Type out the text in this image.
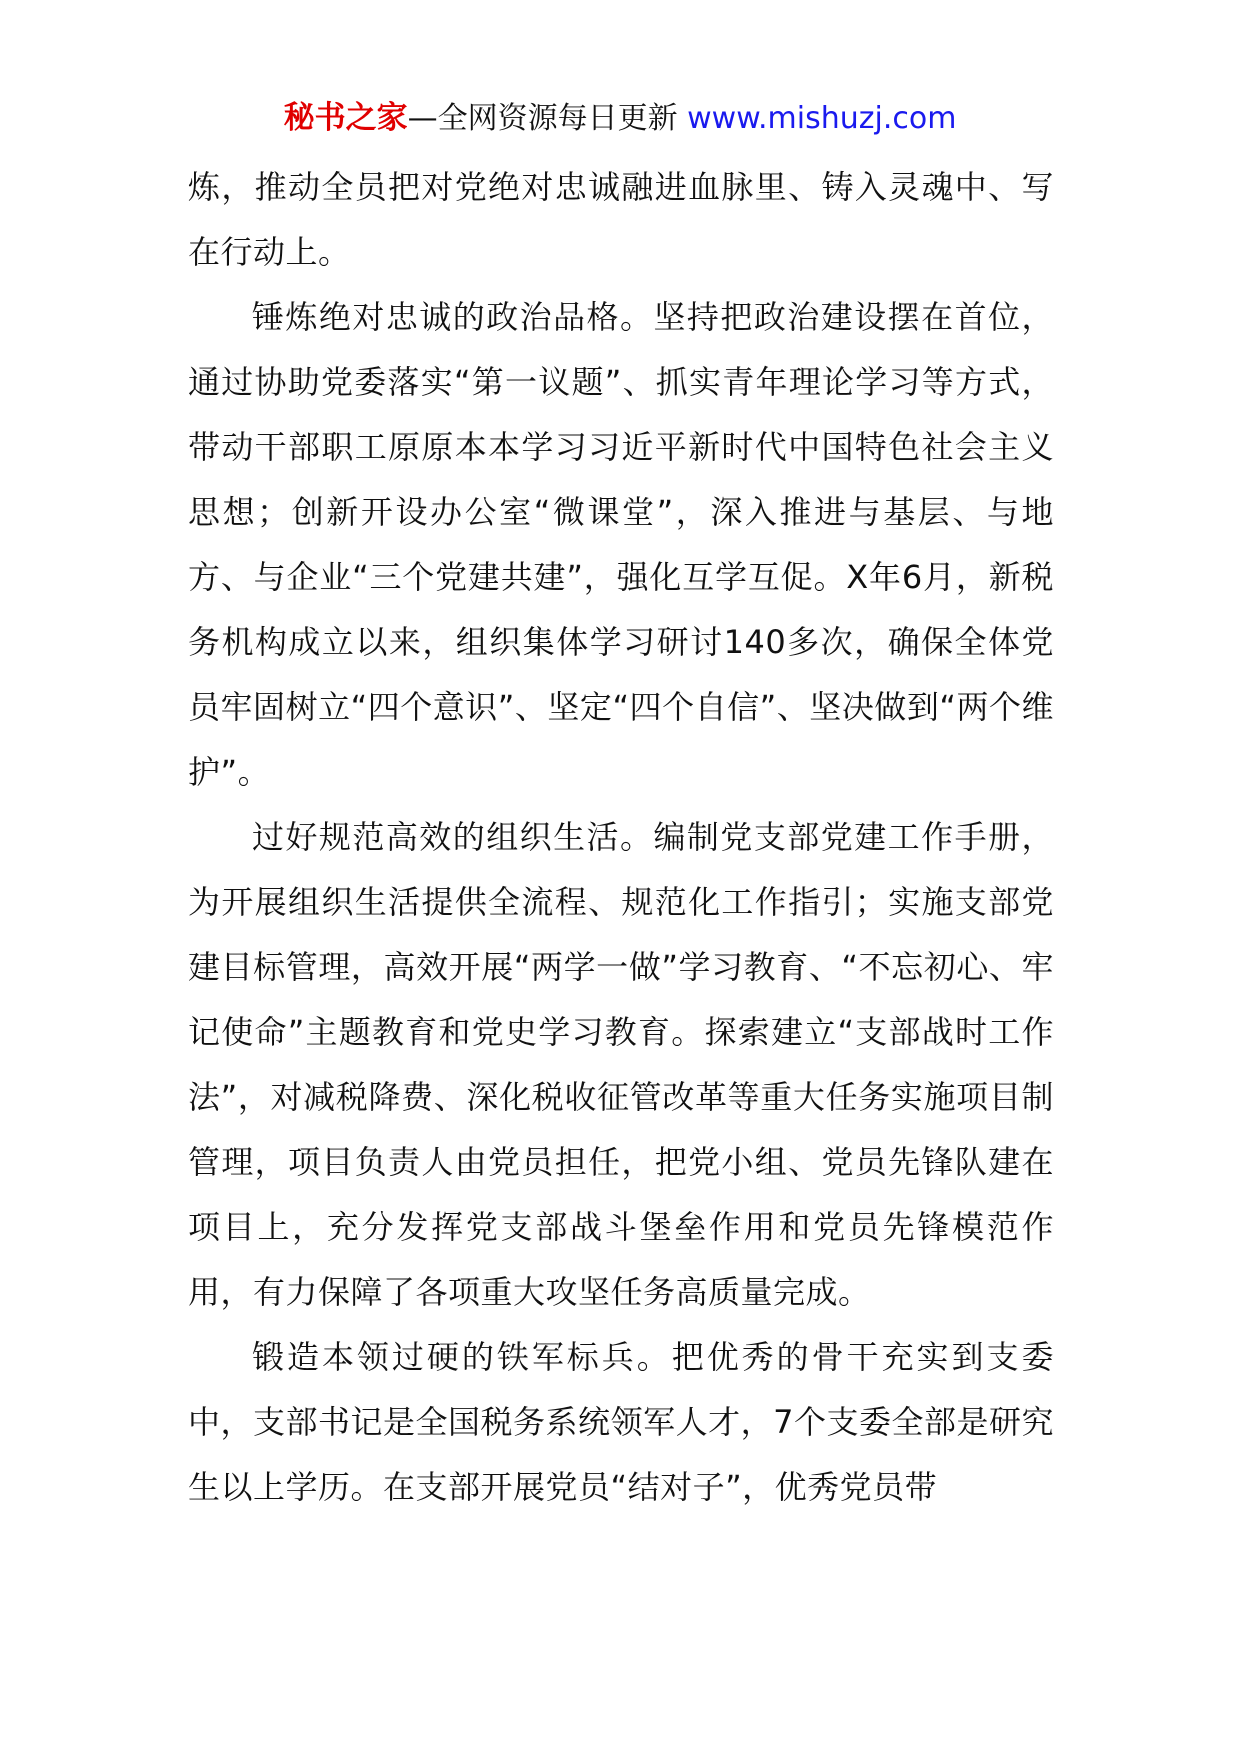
秘书之家—全网资源每日更新 www.mishuzj.com

炼，推动全员把对党绝对忠诚融进血脉里、铸入灵魂中、写在行动上。

锤炼绝对忠诚的政治品格。坚持把政治建设摆在首位，通过协助党委落实“第一议题”、抓实青年理论学习等方式，带动干部职工原原本本学习习近平新时代中国特色社会主义思想；创新开设办公室“微课堂”，深入推进与基层、与地方、与企业“三个党建共建”，强化互学互促。X年6月，新税务机构成立以来，组织集体学习研讨140多次，确保全体党员牢固树立“四个意识”、坚定“四个自信”、坚决做到“两个维护”。

过好规范高效的组织生活。编制党支部党建工作手册，为开展组织生活提供全流程、规范化工作指引；实施支部党建目标管理，高效开展“两学一做”学习教育、“不忘初心、牢记使命”主题教育和党史学习教育。探索建立“支部战时工作法”，对减税降费、深化税收征管改革等重大任务实施项目制管理，项目负责人由党员担任，把党小组、党员先锋队建在项目上，充分发挥党支部战斗堡垒作用和党员先锋模范作用，有力保障了各项重大攻坚任务高质量完成。

锻造本领过硬的铁军标兵。把优秀的骨干充实到支委中，支部书记是全国税务系统领军人才，7个支委全部是研究生以上学历。在支部开展党员“结对子”，优秀党员带
